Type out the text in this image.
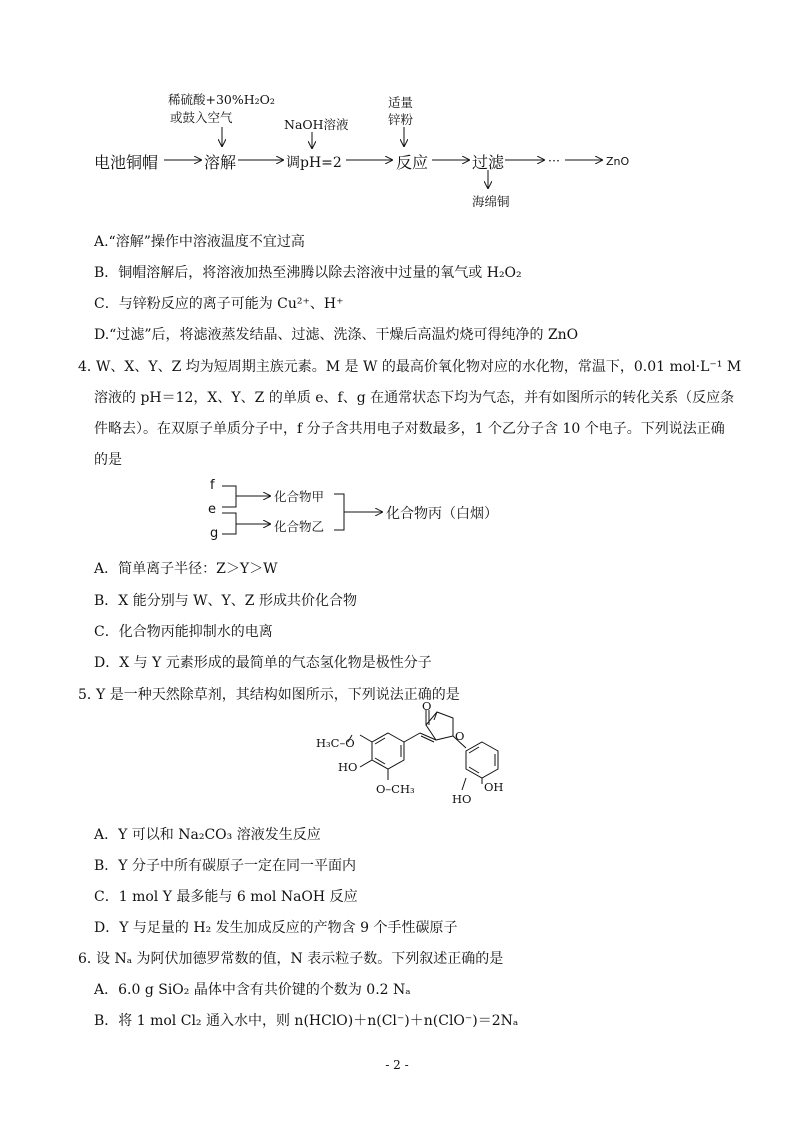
稀硫酸+30%H₂O₂
或鼓入空气	NaOH溶液
适量
锌粉
电池铜帽	溶解	调pH=2	反应	过滤	···	ZnO
海绵铜
A.“溶解”操作中溶液温度不宜过高
B．铜帽溶解后，将溶液加热至沸腾以除去溶液中过量的氧气或 H₂O₂
C．与锌粉反应的离子可能为 Cu²⁺、H⁺
D.“过滤”后，将滤液蒸发结晶、过滤、洗涤、干燥后高温灼烧可得纯净的 ZnO
4．
W、X、Y、Z 均为短周期主族元素。M 是 W 的最高价氧化物对应的水化物，常温下，0.01 mol·L⁻¹ M
溶液的 pH＝12，X、Y、Z 的单质 e、f、g 在通常状态下均为气态，并有如图所示的转化关系（反应条
件略去）。在双原子单质分子中，f 分子含共用电子对数最多，1 个乙分子含 10 个电子。下列说法正确
的是
f
e
g
化合物甲
化合物乙
化合物丙（白烟）
A．简单离子半径：Z＞Y＞W
B．X 能分别与 W、Y、Z 形成共价化合物
C．化合物丙能抑制水的电离
D．X 与 Y 元素形成的最简单的气态氢化物是极性分子
5．
Y 是一种天然除草剂，其结构如图所示，下列说法正确的是
H₃C–O
HO
O–CH₃
O
O
HO
OH
A．Y 可以和 Na₂CO₃ 溶液发生反应
B．Y 分子中所有碳原子一定在同一平面内
C．1 mol Y 最多能与 6 mol NaOH 反应
D．Y 与足量的 H₂ 发生加成反应的产物含 9 个手性碳原子
6．
设 Nₐ 为阿伏加德罗常数的值，N 表示粒子数。下列叙述正确的是
A．6.0 g SiO₂ 晶体中含有共价键的个数为 0.2 Nₐ
B．将 1 mol Cl₂ 通入水中，则 n(HClO)＋n(Cl⁻)＋n(ClO⁻)＝2Nₐ
- 2 -
